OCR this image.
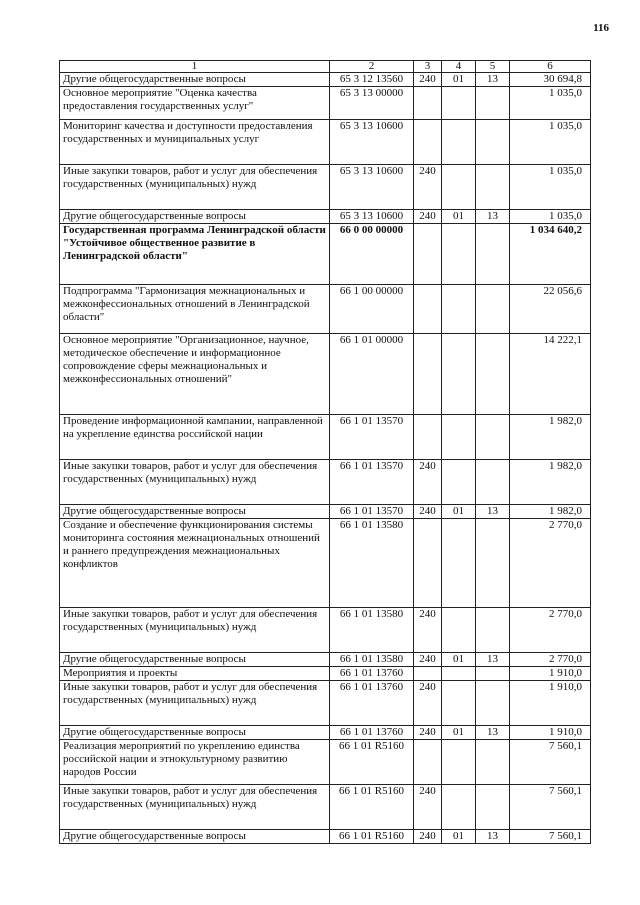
116
1	2	3	4	5	6
Другие общегосударственные вопросы	65 3 12 13560	240	01	13	30 694,8
Основное мероприятие "Оценка качества предоставления государственных услуг"	65 3 13 00000				1 035,0
Мониторинг качества и доступности предоставления государственных и муниципальных услуг	65 3 13 10600				1 035,0
Иные закупки товаров, работ и услуг для обеспечения государственных (муниципальных) нужд	65 3 13 10600	240			1 035,0
Другие общегосударственные вопросы	65 3 13 10600	240	01	13	1 035,0
Государственная программа Ленинградской области "Устойчивое общественное развитие в Ленинградской области"	66 0 00 00000				1 034 640,2
Подпрограмма "Гармонизация межнациональных и межконфессиональных отношений в Ленинградской области"	66 1 00 00000				22 056,6
Основное мероприятие "Организационное, научное, методическое обеспечение и информационное сопровождение сферы межнациональных и межконфессиональных отношений"	66 1 01 00000				14 222,1
Проведение информационной кампании, направленной на укрепление единства российской нации	66 1 01 13570				1 982,0
Иные закупки товаров, работ и услуг для обеспечения государственных (муниципальных) нужд	66 1 01 13570	240			1 982,0
Другие общегосударственные вопросы	66 1 01 13570	240	01	13	1 982,0
Создание и обеспечение функционирования системы мониторинга состояния межнациональных отношений и раннего предупреждения межнациональных конфликтов	66 1 01 13580				2 770,0
Иные закупки товаров, работ и услуг для обеспечения государственных (муниципальных) нужд	66 1 01 13580	240			2 770,0
Другие общегосударственные вопросы	66 1 01 13580	240	01	13	2 770,0
Мероприятия и проекты	66 1 01 13760				1 910,0
Иные закупки товаров, работ и услуг для обеспечения государственных (муниципальных) нужд	66 1 01 13760	240			1 910,0
Другие общегосударственные вопросы	66 1 01 13760	240	01	13	1 910,0
Реализация мероприятий по укреплению единства российской нации и этнокультурному развитию народов России	66 1 01 R5160				7 560,1
Иные закупки товаров, работ и услуг для обеспечения государственных (муниципальных) нужд	66 1 01 R5160	240			7 560,1
Другие общегосударственные вопросы	66 1 01 R5160	240	01	13	7 560,1
